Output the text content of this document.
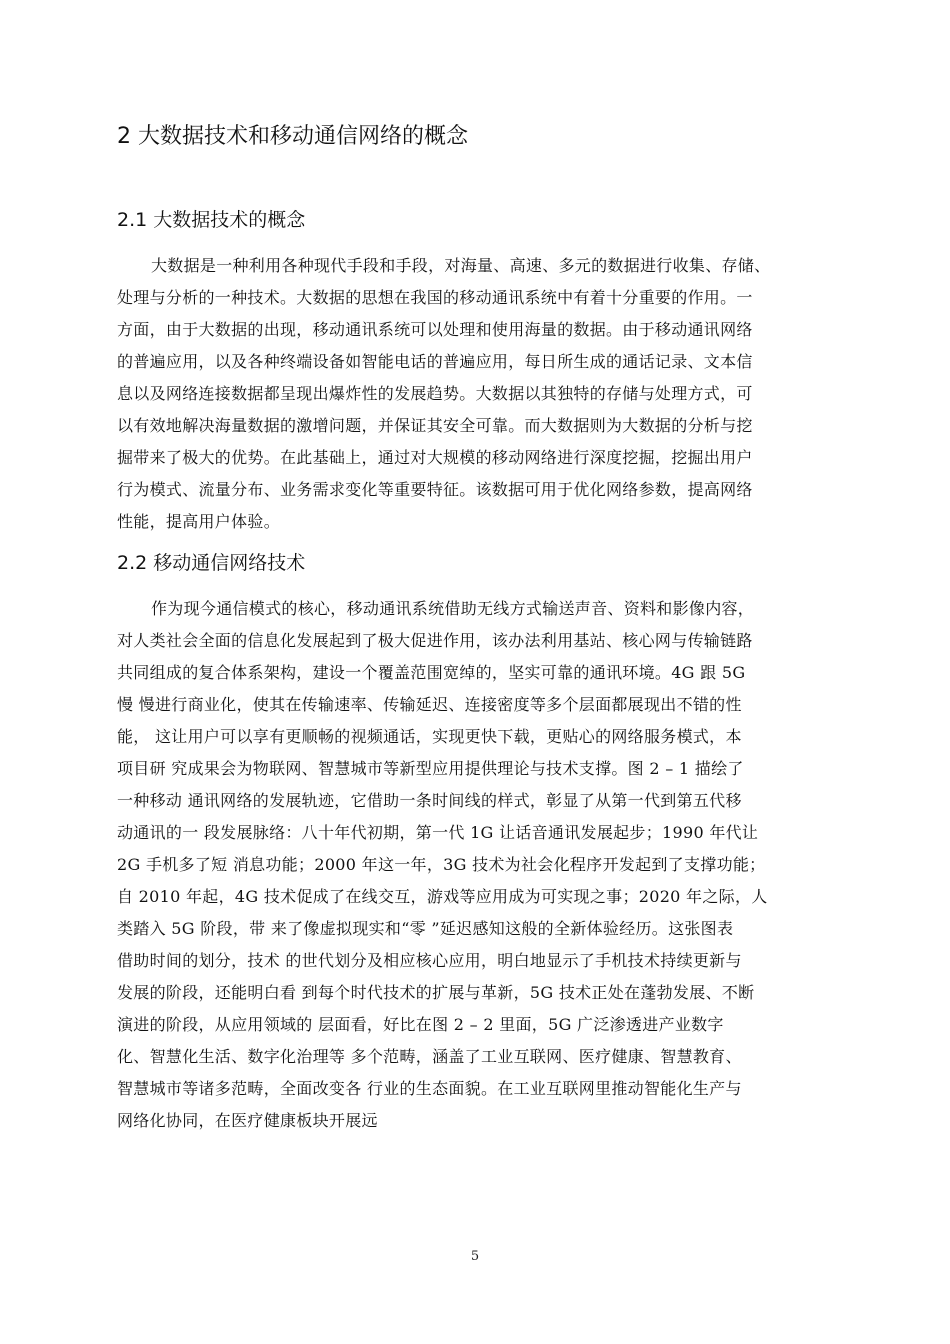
2 大数据技术和移动通信网络的概念
2.1 大数据技术的概念
大数据是一种利用各种现代手段和手段，对海量、高速、多元的数据进行收集、存储、
处理与分析的一种技术。大数据的思想在我国的移动通讯系统中有着十分重要的作用。一
方面，由于大数据的出现，移动通讯系统可以处理和使用海量的数据。由于移动通讯网络
的普遍应用，以及各种终端设备如智能电话的普遍应用，每日所生成的通话记录、文本信
息以及网络连接数据都呈现出爆炸性的发展趋势。大数据以其独特的存储与处理方式，可
以有效地解决海量数据的激增问题，并保证其安全可靠。而大数据则为大数据的分析与挖
掘带来了极大的优势。在此基础上，通过对大规模的移动网络进行深度挖掘，挖掘出用户
行为模式、流量分布、业务需求变化等重要特征。该数据可用于优化网络参数，提高网络
性能，提高用户体验。
2.2 移动通信网络技术
作为现今通信模式的核心，移动通讯系统借助无线方式输送声音、资料和影像内容，
对人类社会全面的信息化发展起到了极大促进作用，该办法利用基站、核心网与传输链路
共同组成的复合体系架构，建设一个覆盖范围宽绰的，坚实可靠的通讯环境。4G 跟 5G
慢 慢进行商业化，使其在传输速率、传输延迟、连接密度等多个层面都展现出不错的性
能， 这让用户可以享有更顺畅的视频通话，实现更快下载，更贴心的网络服务模式，本
项目研 究成果会为物联网、智慧城市等新型应用提供理论与技术支撑。图 2 – 1 描绘了
一种移动 通讯网络的发展轨迹，它借助一条时间线的样式，彰显了从第一代到第五代移
动通讯的一 段发展脉络：八十年代初期，第一代 1G 让话音通讯发展起步；1990 年代让
2G 手机多了短 消息功能；2000 年这一年，3G 技术为社会化程序开发起到了支撑功能；
自 2010 年起，4G 技术促成了在线交互，游戏等应用成为可实现之事；2020 年之际，人
类踏入 5G 阶段，带 来了像虚拟现实和“零 ”延迟感知这般的全新体验经历。这张图表
借助时间的划分，技术 的世代划分及相应核心应用，明白地显示了手机技术持续更新与
发展的阶段，还能明白看 到每个时代技术的扩展与革新，5G 技术正处在蓬勃发展、不断
演进的阶段，从应用领域的 层面看，好比在图 2 – 2 里面，5G 广泛渗透进产业数字
化、智慧化生活、数字化治理等 多个范畴，涵盖了工业互联网、医疗健康、智慧教育、
智慧城市等诸多范畴，全面改变各 行业的生态面貌。在工业互联网里推动智能化生产与
网络化协同，在医疗健康板块开展远
5
